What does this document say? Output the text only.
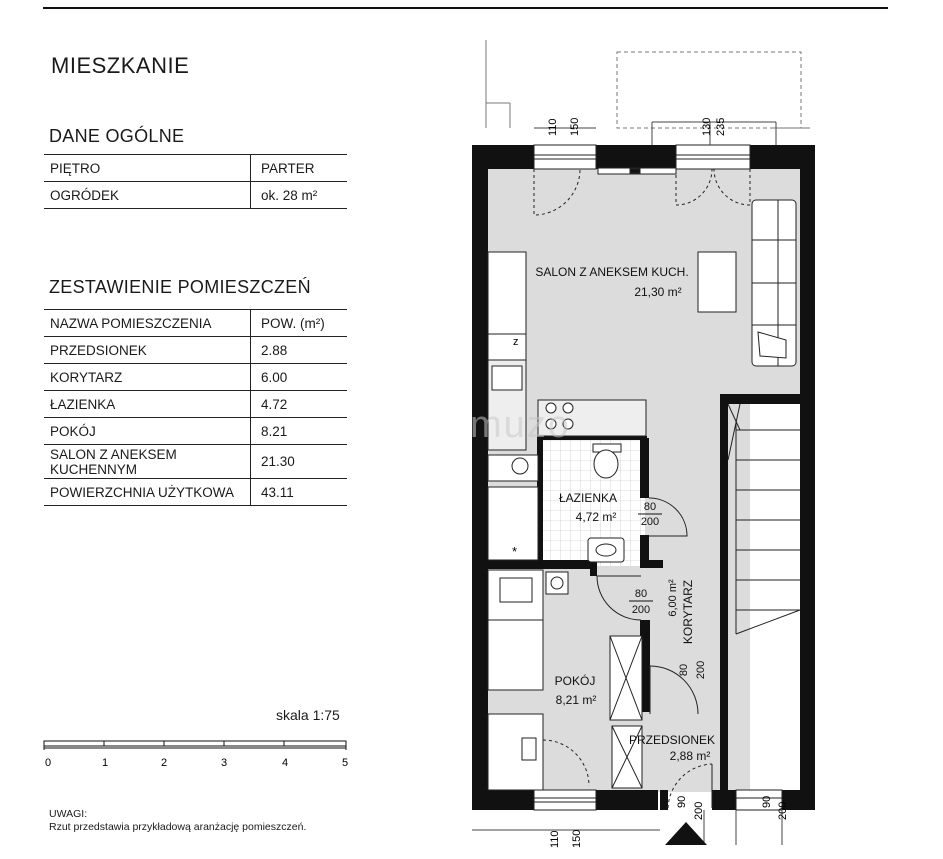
MIESZKANIE
DANE OGÓLNE
PIĘTRO	PARTER
OGRÓDEK	ok. 28 m²
ZESTAWIENIE POMIESZCZEŃ
NAZWA POMIESZCZENIA	POW. (m²)
PRZEDSIONEK	2.88
KORYTARZ	6.00
ŁAZIENKA	4.72
POKÓJ	8.21
SALON Z ANEKSEM KUCHENNYM	21.30
POWIERZCHNIA UŻYTKOWA	43.11
skala 1:75
UWAGI:
Rzut przedstawia przykładową aranżację pomieszczeń.
0	1	2	3	4	5
110 150	130 235
z
*
110 150
90 200	90 200
SALON Z ANEKSEM KUCH.
21,30 m²
ŁAZIENKA
4,72 m²
80
200
80
200	KORYTARZ
6,00 m²
80 200
POKÓJ
8,21 m²
PRZEDSIONEK
2,88 m²
muzo
